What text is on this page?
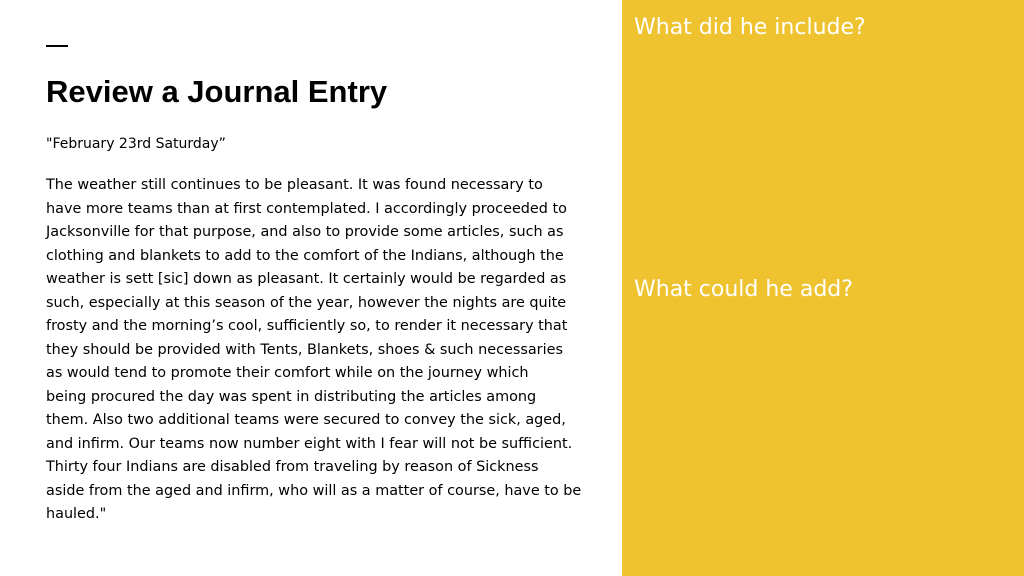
Review a Journal Entry

"February 23rd Saturday”

The weather still continues to be pleasant. It was found necessary to
have more teams than at first contemplated. I accordingly proceeded to
Jacksonville for that purpose, and also to provide some articles, such as
clothing and blankets to add to the comfort of the Indians, although the
weather is sett [sic] down as pleasant. It certainly would be regarded as
such, especially at this season of the year, however the nights are quite
frosty and the morning’s cool, sufficiently so, to render it necessary that
they should be provided with Tents, Blankets, shoes & such necessaries
as would tend to promote their comfort while on the journey which
being procured the day was spent in distributing the articles among
them. Also two additional teams were secured to convey the sick, aged,
and infirm. Our teams now number eight with I fear will not be sufficient.
Thirty four Indians are disabled from traveling by reason of Sickness
aside from the aged and infirm, who will as a matter of course, have to be
hauled."

What did he include?

What could he add?
